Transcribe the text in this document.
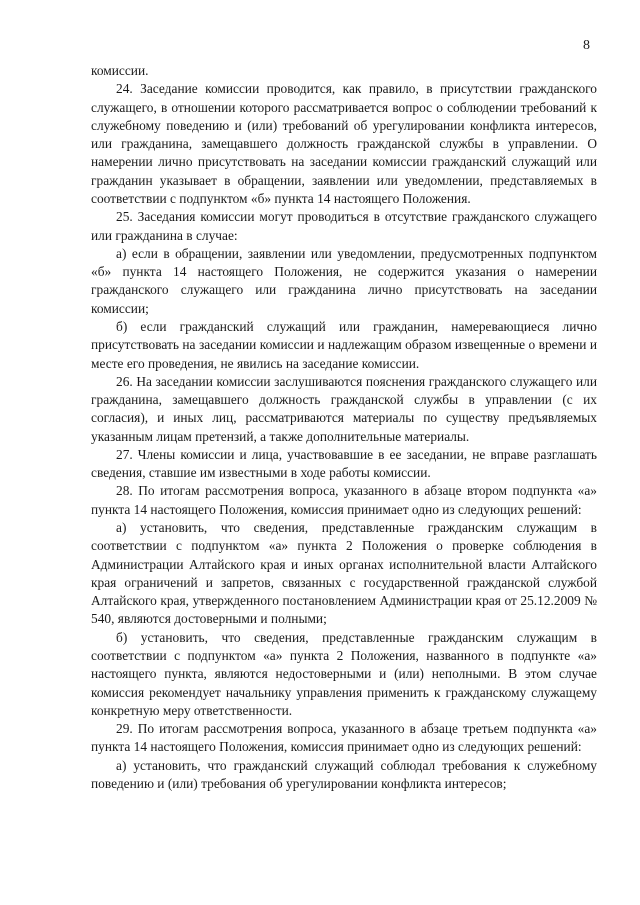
8

комиссии.

24. Заседание комиссии проводится, как правило, в присутствии гражданского служащего, в отношении которого рассматривается вопрос о соблюдении требований к служебному поведению и (или) требований об урегулировании конфликта интересов, или гражданина, замещавшего должность гражданской службы в управлении. О намерении лично присутствовать на заседании комиссии гражданский служащий или гражданин указывает в обращении, заявлении или уведомлении, представляемых в соответствии с подпунктом «б» пункта 14 настоящего Положения.

25. Заседания комиссии могут проводиться в отсутствие гражданского служащего или гражданина в случае:

а) если в обращении, заявлении или уведомлении, предусмотренных подпунктом «б» пункта 14 настоящего Положения, не содержится указания о намерении гражданского служащего или гражданина лично присутствовать на заседании комиссии;

б) если гражданский служащий или гражданин, намеревающиеся лично присутствовать на заседании комиссии и надлежащим образом извещенные о времени и месте его проведения, не явились на заседание комиссии.

26. На заседании комиссии заслушиваются пояснения гражданского служащего или гражданина, замещавшего должность гражданской службы в управлении (с их согласия), и иных лиц, рассматриваются материалы по существу предъявляемых указанным лицам претензий, а также дополнительные материалы.

27. Члены комиссии и лица, участвовавшие в ее заседании, не вправе разглашать сведения, ставшие им известными в ходе работы комиссии.

28. По итогам рассмотрения вопроса, указанного в абзаце втором подпункта «а» пункта 14 настоящего Положения, комиссия принимает одно из следующих решений:

а) установить, что сведения, представленные гражданским служащим в соответствии с подпунктом «а» пункта 2 Положения о проверке соблюдения в Администрации Алтайского края и иных органах исполнительной власти Алтайского края ограничений и запретов, связанных с государственной гражданской службой Алтайского края, утвержденного постановлением Администрации края от 25.12.2009 № 540, являются достоверными и полными;

б) установить, что сведения, представленные гражданским служащим в соответствии с подпунктом «а» пункта 2 Положения, названного в подпункте «а» настоящего пункта, являются недостоверными и (или) неполными. В этом случае комиссия рекомендует начальнику управления применить к гражданскому служащему конкретную меру ответственности.

29. По итогам рассмотрения вопроса, указанного в абзаце третьем подпункта «а» пункта 14 настоящего Положения, комиссия принимает одно из следующих решений:

а) установить, что гражданский служащий соблюдал требования к служебному поведению и (или) требования об урегулировании конфликта интересов;
